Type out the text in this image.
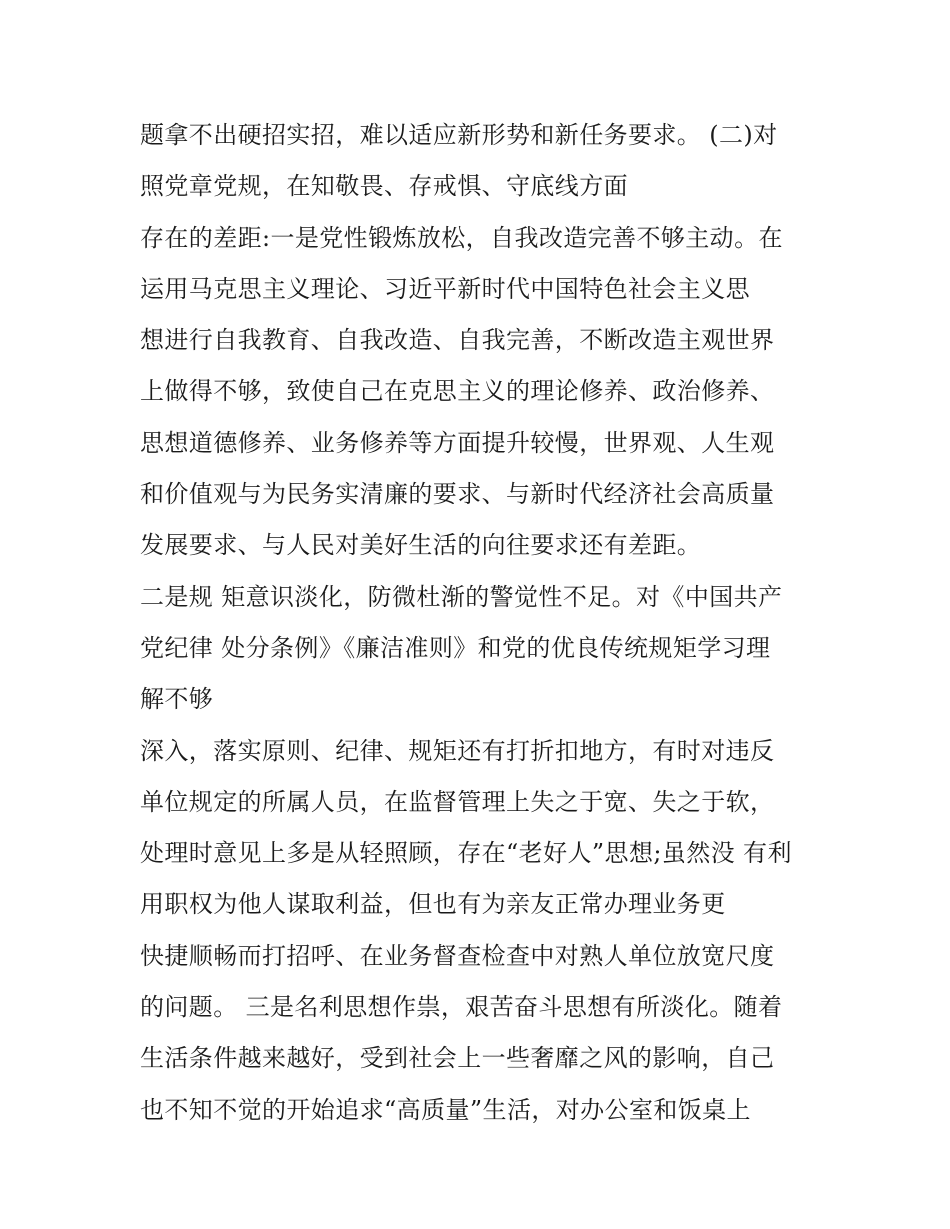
题拿不出硬招实招，难以适应新形势和新任务要求。 (二)对
照党章党规，在知敬畏、存戒惧、守底线方面
存在的差距:一是党性锻炼放松，自我改造完善不够主动。在
运用马克思主义理论、习近平新时代中国特色社会主义思
想进行自我教育、自我改造、自我完善，不断改造主观世界
上做得不够，致使自己在克思主义的理论修养、政治修养、
思想道德修养、业务修养等方面提升较慢，世界观、人生观
和价值观与为民务实清廉的要求、与新时代经济社会高质量
发展要求、与人民对美好生活的向往要求还有差距。
二是规 矩意识淡化，防微杜渐的警觉性不足。对《中国共产
党纪律 处分条例》《廉洁准则》和党的优良传统规矩学习理
解不够
深入，落实原则、纪律、规矩还有打折扣地方，有时对违反
单位规定的所属人员，在监督管理上失之于宽、失之于软，
处理时意见上多是从轻照顾，存在“老好人”思想;虽然没 有利
用职权为他人谋取利益，但也有为亲友正常办理业务更
快捷顺畅而打招呼、在业务督查检查中对熟人单位放宽尺度
的问题。 三是名利思想作祟，艰苦奋斗思想有所淡化。随着
生活条件越来越好，受到社会上一些奢靡之风的影响，自己
也不知不觉的开始追求“高质量”生活，对办公室和饭桌上
